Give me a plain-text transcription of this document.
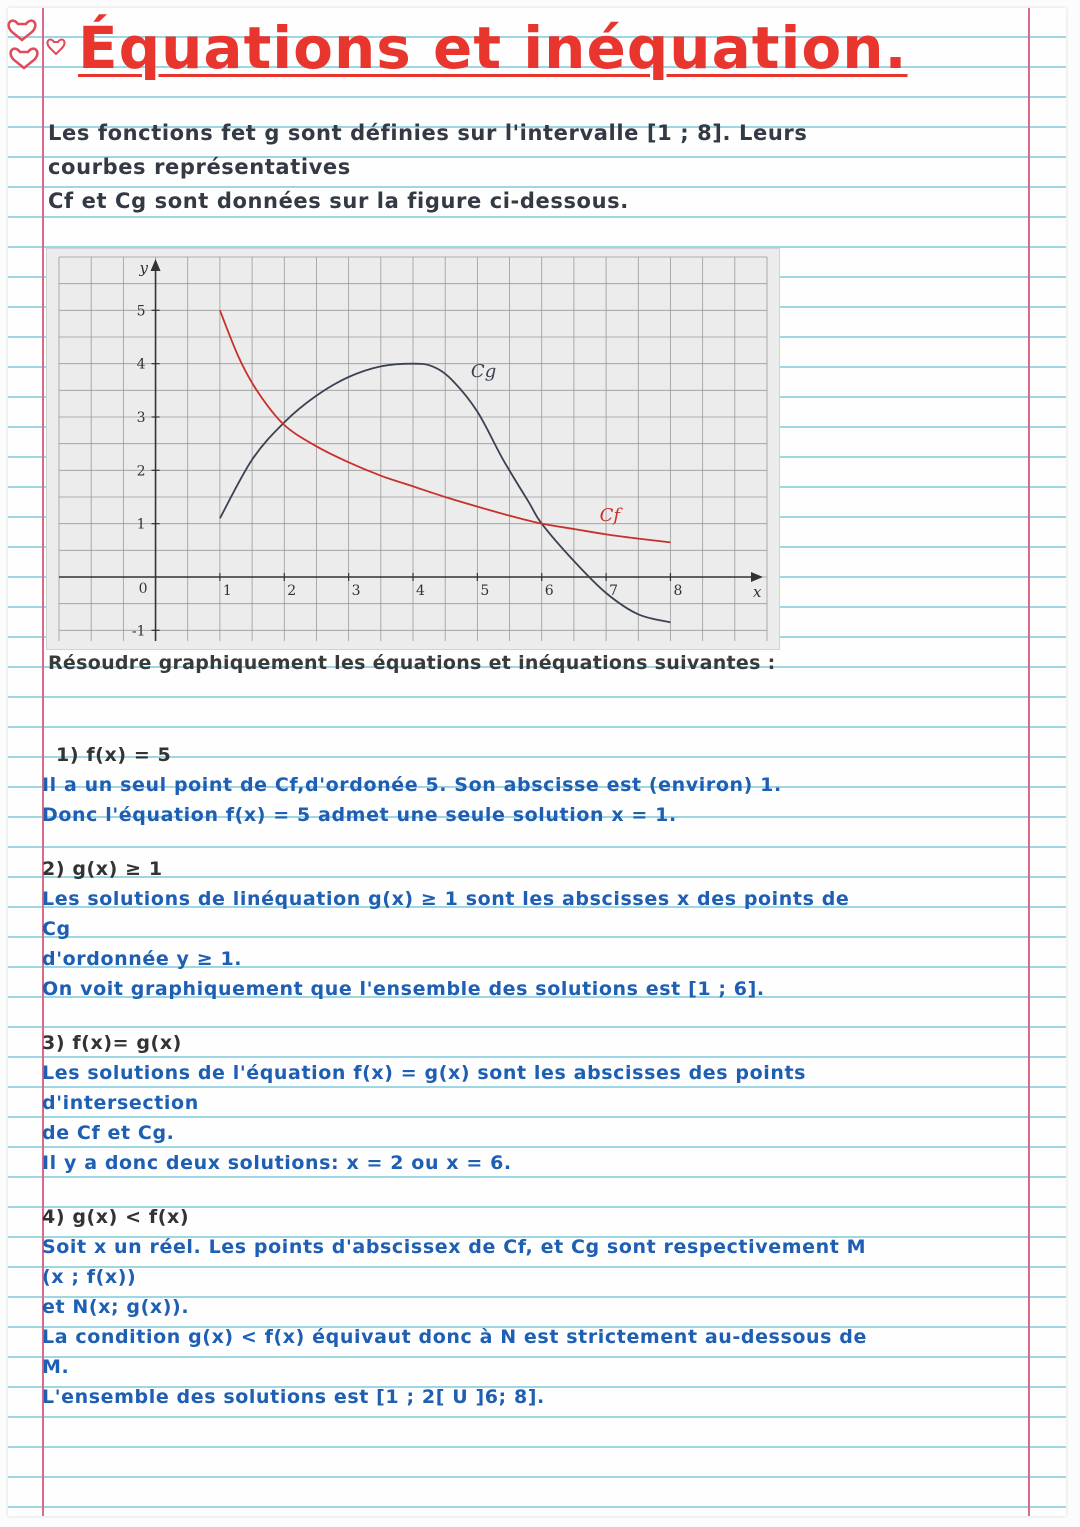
Équations et inéquation.

Les fonctions fet g sont définies sur l'intervalle [1 ; 8]. Leurs

courbes représentatives

Cf et Cg sont données sur la figure ci-dessous.

1	2	3	4	5	6	7	8
-1
1
2
3
4
5
0	x
y
Cg
Cf

Résoudre graphiquement les équations et inéquations suivantes :

1) f(x) = 5

Il a un seul point de Cf,d'ordonée 5. Son abscisse est (environ) 1.

Donc l'équation f(x) = 5 admet une seule solution x = 1.

2) g(x) ≥ 1

Les solutions de linéquation g(x) ≥ 1 sont les abscisses x des points de

Cg

d'ordonnée y ≥ 1.

On voit graphiquement que l'ensemble des solutions est [1 ; 6].

3) f(x)= g(x)

Les solutions de l'équation f(x) = g(x) sont les abscisses des points

d'intersection

de Cf et Cg.

Il y a donc deux solutions: x = 2 ou x = 6.

4) g(x) < f(x)

Soit x un réel. Les points d'abscissex de Cf, et Cg sont respectivement M

(x ; f(x))

et N(x; g(x)).

La condition g(x) < f(x) équivaut donc à N est strictement au-dessous de

M.

L'ensemble des solutions est [1 ; 2[ U ]6; 8].
